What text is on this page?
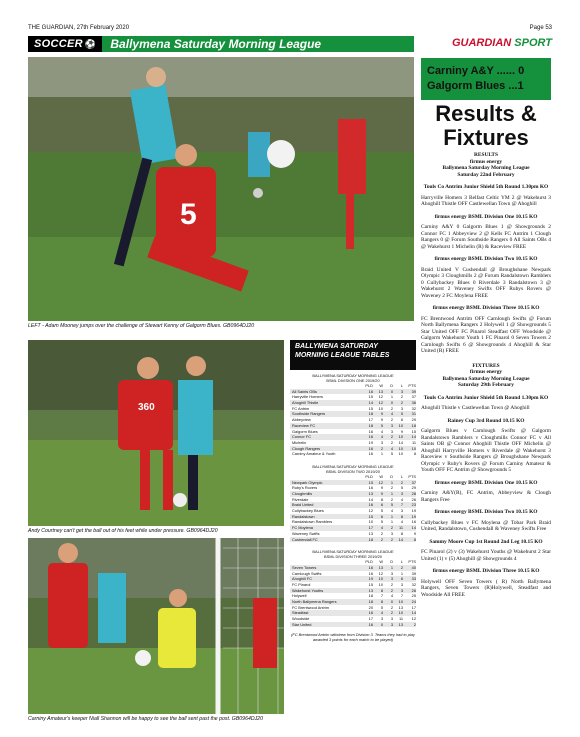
THE GUARDIAN, 27th February 2020	Page 53
SOCCER ⚽	Ballymena Saturday Morning League	GUARDIAN SPORT
5
LEFT - Adam Mooney jumps over the challenge of Stewart Kenny of Galgorm Blues. GB0964DJ20
360
Andy Courtney can't get the ball out of his feet while under pressure. GB0964DJ20
Carniny Amateur's keeper Niall Shannon will be happy to see the ball sent past the post. GB0964DJ20
BALLYMENA SATURDAY
MORNING LEAGUE TABLES
BALLYMENA SATURDAY MORNING LEAGUE
BSML DIVISION ONE 2019/20
PLD	W	D	L	PTS
All Saints OBs	16	13	0	3	39
Harryville Homers	15	12	1	2	37
Ahoghill Thistle	14	12	0	2	36
FC Antrim	15	10	2	3	32
Southside Rangers	18	9	4	5	31
Abbeyview	17	9	2	6	29
Raceview FC	18	5	3	10	18
Galgorm Blues	16	4	3	9	15
Connor FC	16	4	2	10	14
Michelin	19	3	2	14	11
Clough Rangers	16	2	4	10	10
Carniny Amateur & Youth	16	1	5	10	8
BALLYMENA SATURDAY MORNING LEAGUE
BSML DIVISION TWO 2019/20
PLD	W	D	L	PTS
Newpark Olympic	15	12	1	2	37
Ruby's Rovers	16	9	2	5	29
Cloughmills	13	9	1	3	28
Riverdale	14	8	2	4	26
Braid United	16	6	5	7	23
Cullybackey Blues	12	5	4	3	19
Randalstown	15	6	1	8	19
Randalstown Ramblers	10	5	1	4	16
FC Moylena	17	4	2	11	14
Waveney Swifts	13	2	3	8	9
Cushendall FC	18	2	2	14	8
BALLYMENA SATURDAY MORNING LEAGUE
BSML DIVISION THREE 2019/20
PLD	W	D	L	PTS
Seven Towers	16	13	1	2	40
Carnlough Swifts	16	12	3	1	39
Ahoghill FC	19	10	3	6	33
FC Pinarol	15	10	2	3	32
Wakehurst Youths	13	8	2	3	26
Holywell	18	7	4	7	25
North Ballymena Rangers	18	8	0	10	24
FC Brentwood Antrim	20	5	2	13	17
Steadfast	16	4	2	10	14
Woodside	17	3	3	11	12
Star United	16	0	3	13	2
(FC Brentwood Antrim withdrew from Division 3. Teams they had to play awarded 3 points for each match to be played)
Carniny A&Y ...... 0
Galgorm Blues ...1
Results &
Fixtures

RESULTS

firmus energy

Ballymena Saturday Morning League

Saturday 22nd February

Touls Co Antrim Junior Shield 5th Round 1.30pm KO

Harryville Homers 3 Belfast Celtic YM 2 @ Wakehurst 3 Ahoghill Thistle OFF Castlewellan Town @ Ahoghill

firmus energy BSML Division One 10.15 KO

Carniny A&Y 0 Galgorm Blues 1 @ Showgrounds 2 Connor FC 1 Abbeyview 2 @ Kells FC Antrim 1 Clough Rangers 0 @ Forum Southside Rangers 0 All Saints OBs 4 @ Wakehurst 1 Michelin (R) & Raceview FREE

firmus energy BSML Division Two 10.15 KO

Braid United V Cushendall @ Broughshane Newpark Olympic 3 Cloughmills 2 @ Forum Randalstown Ramblers 0 Cullybackey Blues 0 Riverdale 3 Randalstown 3 @ Wakehurst 2 Waveney Swifts OFF Rubys Rovers @ Waveney 2 FC Moylena FREE

firmus energy BSML Division Three 10.15 KO

FC Brentwood Antrim OFF Carnlough Swifts @ Forum North Ballymena Rangers 2 Holywell 1 @ Showgrounds 5 Star United OFF FC Pinarol Steadfast OFF Woodside @ Galgorm Wakehurst Youth 1 FC Pinarol 0 Seven Towers 2 Carnlough Swifts 6 @ Showgrounds 4 Ahoghill & Star United (R) FREE

FIXTURES

firmus energy

Ballymena Saturday Morning League

Saturday 29th February

Touls Co Antrim Junior Shield 5th Round 1.30pm KO

Ahoghill Thistle v Castlewellan Town @ Ahoghill

Rainey Cup 3rd Round 10.15 KO

Galgorm Blues v Carnlough Swifts @ Galgorm Randalstown Ramblers v Cloughmills Connor FC v All Saints OB @ Connor Ahoghill Thistle OFF Michelin @ Ahoghill Harryville Homers v Riverdale @ Wakehurst 3 Raceview v Southside Rangers @ Broughshane Newpark Olympic v Ruby's Rovers @ Forum Carniny Amateur & Youth OFF FC Antrim @ Showgrounds 5

firmus energy BSML Division One 10.15 KO

Carniny A&Y(R), FC Antrim, Abbeyview & Clough Rangers Free

firmus energy BSML Division Two 10.15 KO

Cullybackey Blues v FC Moylena @ Tobar Park Braid United, Randalstown, Cushendall & Waveney Swifts Free

Sammy Moore Cup 1st Round 2nd Leg 10.15 KO

FC Pinarol (2) v (3) Wakehurst Youths @ Wakehurst 2 Star United (1) v (5) Ahoghill @ Showgrounds 4

firmus energy BSML Division Three 10.15 KO

Holywell OFF Seven Towers ( R) North Ballymena Rangers, Seven Towers (R)Holywell, Steadfast and Woodside All FREE
